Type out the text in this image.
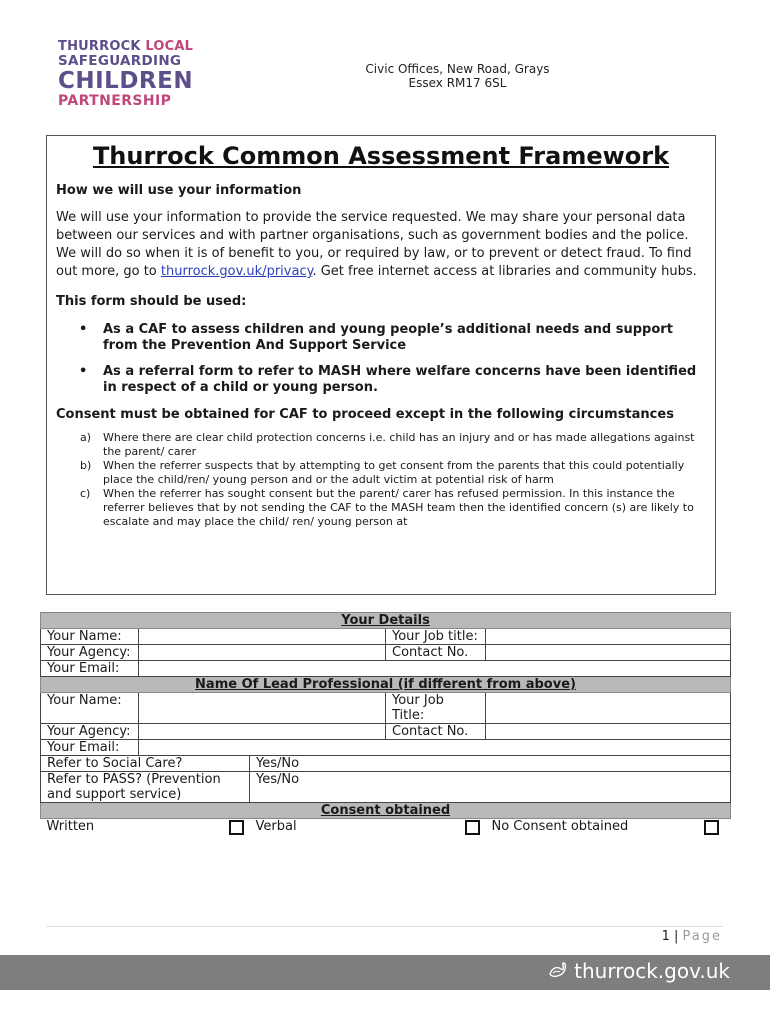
THURROCK LOCAL
SAFEGUARDING
CHILDREN
PARTNERSHIP
Civic Offices, New Road, Grays
Essex RM17 6SL
Thurrock Common Assessment Framework
How we will use your information
We will use your information to provide the service requested. We may share your personal data between our services and with partner organisations, such as government bodies and the police. We will do so when it is of benefit to you, or required by law, or to prevent or detect fraud. To find out more, go to thurrock.gov.uk/privacy. Get free internet access at libraries and community hubs.
This form should be used:
• As a CAF to assess children and young people’s additional needs and support from the Prevention And Support Service
• As a referral form to refer to MASH where welfare concerns have been identified in respect of a child or young person.
Consent must be obtained for CAF to proceed except in the following circumstances
a) Where there are clear child protection concerns i.e. child has an injury and or has made allegations against the parent/ carer
b) When the referrer suspects that by attempting to get consent from the parents that this could potentially place the child/ren/ young person and or the adult victim at potential risk of harm
c) When the referrer has sought consent but the parent/ carer has refused permission. In this instance the referrer believes that by not sending the CAF to the MASH team then the identified concern (s) are likely to escalate and may place the child/ ren/ young person at
Your Details				
Your Name:			Your Job title:	
Your Agency:			Contact No.	
Your Email:				
Name Of Lead Professional (if different from above)				
Your Name:			Your Job Title:	
Your Agency:			Contact No.	
Your Email:				
Refer to Social Care?		Yes/No		
Refer to PASS? (Prevention and support service)		Yes/No		
Consent obtained				

Written		Verbal		No Consent obtained
1 | Page
thurrock.gov.uk
